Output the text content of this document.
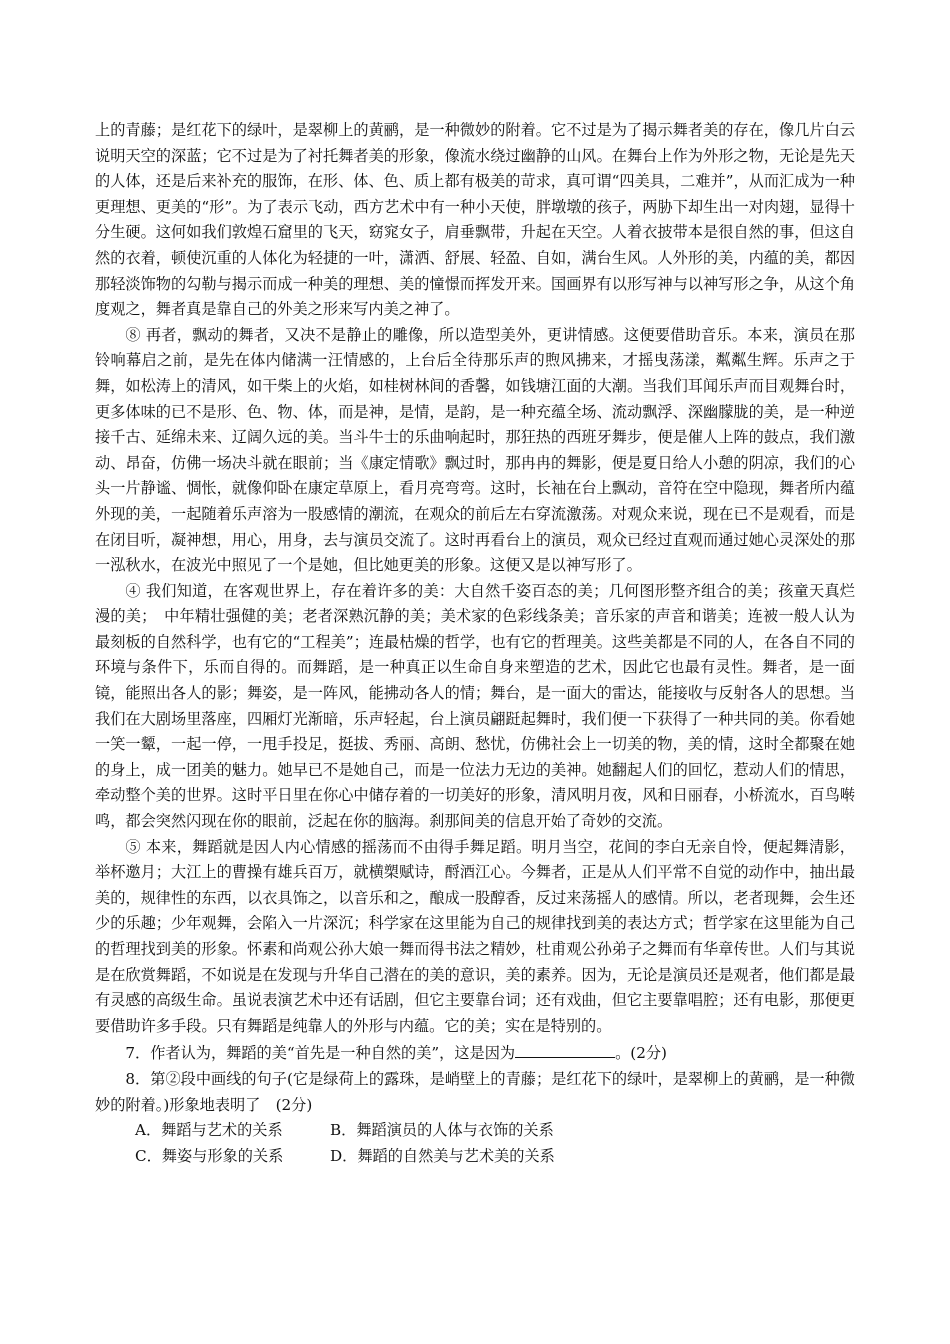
上的青藤；是红花下的绿叶，是翠柳上的黄鹂，是一种微妙的附着。它不过是为了揭示舞者美的存在，像几片白云说明天空的深蓝；它不过是为了衬托舞者美的形象，像流水绕过幽静的山风。在舞台上作为外形之物，无论是先天的人体，还是后来补充的服饰，在形、体、色、质上都有极美的苛求，真可谓“四美具，二难并”，从而汇成为一种更理想、更美的“形”。为了表示飞动，西方艺术中有一种小天使，胖墩墩的孩子，两胁下却生出一对肉翅，显得十分生硬。这何如我们敦煌石窟里的飞天，窈窕女子，肩垂飘带，升起在天空。人着衣披带本是很自然的事，但这自然的衣着，顿使沉重的人体化为轻捷的一叶，潇洒、舒展、轻盈、自如，满台生风。人外形的美，内蕴的美，都因那轻淡饰物的勾勒与揭示而成一种美的理想、美的憧憬而挥发开来。国画界有以形写神与以神写形之争，从这个角度观之，舞者真是靠自己的外美之形来写内美之神了。

⑧ 再者，飘动的舞者，又决不是静止的雕像，所以造型美外，更讲情感。这便要借助音乐。本来，演员在那铃响幕启之前，是先在体内储满一汪情感的，上台后全待那乐声的煦风拂来，才摇曳荡漾，粼粼生辉。乐声之于舞，如松涛上的清风，如干柴上的火焰，如桂树林间的香馨，如钱塘江面的大潮。当我们耳闻乐声而目观舞台时，更多体味的已不是形、色、物、体，而是神，是情，是韵，是一种充蕴全场、流动飘浮、深幽朦胧的美，是一种逆接千古、延绵未来、辽阔久远的美。当斗牛士的乐曲响起时，那狂热的西班牙舞步，便是催人上阵的鼓点，我们激动、昂奋，仿佛一场决斗就在眼前；当《康定情歌》飘过时，那冉冉的舞影，便是夏日给人小憩的阴凉，我们的心头一片静谧、惆怅，就像仰卧在康定草原上，看月亮弯弯。这时，长袖在台上飘动，音符在空中隐现，舞者所内蕴外现的美，一起随着乐声溶为一股感情的潮流，在观众的前后左右穿流激荡。对观众来说，现在已不是观看，而是在闭目听，凝神想，用心，用身，去与演员交流了。这时再看台上的演员，观众已经过直观而通过她心灵深处的那一泓秋水，在波光中照见了一个是她，但比她更美的形象。这便又是以神写形了。

④ 我们知道，在客观世界上，存在着许多的美：大自然千姿百态的美；几何图形整齐组合的美；孩童天真烂漫的美；　中年精壮强健的美；老者深熟沉静的美；美术家的色彩线条美；音乐家的声音和谐美；连被一般人认为最刻板的自然科学，也有它的“工程美”；连最枯燥的哲学，也有它的哲理美。这些美都是不同的人，在各自不同的环境与条件下，乐而自得的。而舞蹈，是一种真正以生命自身来塑造的艺术，因此它也最有灵性。舞者，是一面镜，能照出各人的影；舞姿，是一阵风，能拂动各人的情；舞台，是一面大的雷达，能接收与反射各人的思想。当我们在大剧场里落座，四厢灯光渐暗，乐声轻起，台上演员翩跹起舞时，我们便一下获得了一种共同的美。你看她一笑一颦，一起一停，一甩手投足，挺拔、秀丽、高朗、愁忧，仿佛社会上一切美的物，美的情，这时全都聚在她的身上，成一团美的魅力。她早已不是她自己，而是一位法力无边的美神。她翻起人们的回忆，惹动人们的情思，牵动整个美的世界。这时平日里在你心中储存着的一切美好的形象，清风明月夜，风和日丽春，小桥流水，百鸟啭鸣，都会突然闪现在你的眼前，泛起在你的脑海。刹那间美的信息开始了奇妙的交流。

⑤ 本来，舞蹈就是因人内心情感的摇荡而不由得手舞足蹈。明月当空，花间的李白无亲自怜，便起舞清影，举杯邀月；大江上的曹操有雄兵百万，就横槊赋诗，酹酒江心。今舞者，正是从人们平常不自觉的动作中，抽出最美的，规律性的东西，以衣具饰之，以音乐和之，酿成一股醇香，反过来荡摇人的感情。所以，老者现舞，会生还少的乐趣；少年观舞，会陷入一片深沉；科学家在这里能为自己的规律找到美的表达方式；哲学家在这里能为自己的哲理找到美的形象。怀素和尚观公孙大娘一舞而得书法之精妙，杜甫观公孙弟子之舞而有华章传世。人们与其说是在欣赏舞蹈，不如说是在发现与升华自己潜在的美的意识，美的素养。因为，无论是演员还是观者，他们都是最有灵感的高级生命。虽说表演艺术中还有话剧，但它主要靠台词；还有戏曲，但它主要靠唱腔；还有电影，那便更要借助许多手段。只有舞蹈是纯靠人的外形与内蕴。它的美；实在是特别的。

7．作者认为，舞蹈的美“首先是一种自然的美”，这是因为	。(2分)

8．第②段中画线的句子(它是绿荷上的露珠，是峭壁上的青藤；是红花下的绿叶，是翠柳上的黄鹂，是一种微妙的附着。)形象地表明了　(2分)

A．舞蹈与艺术的关系	B．舞蹈演员的人体与衣饰的关系
C．舞姿与形象的关系	D．舞蹈的自然美与艺术美的关系
